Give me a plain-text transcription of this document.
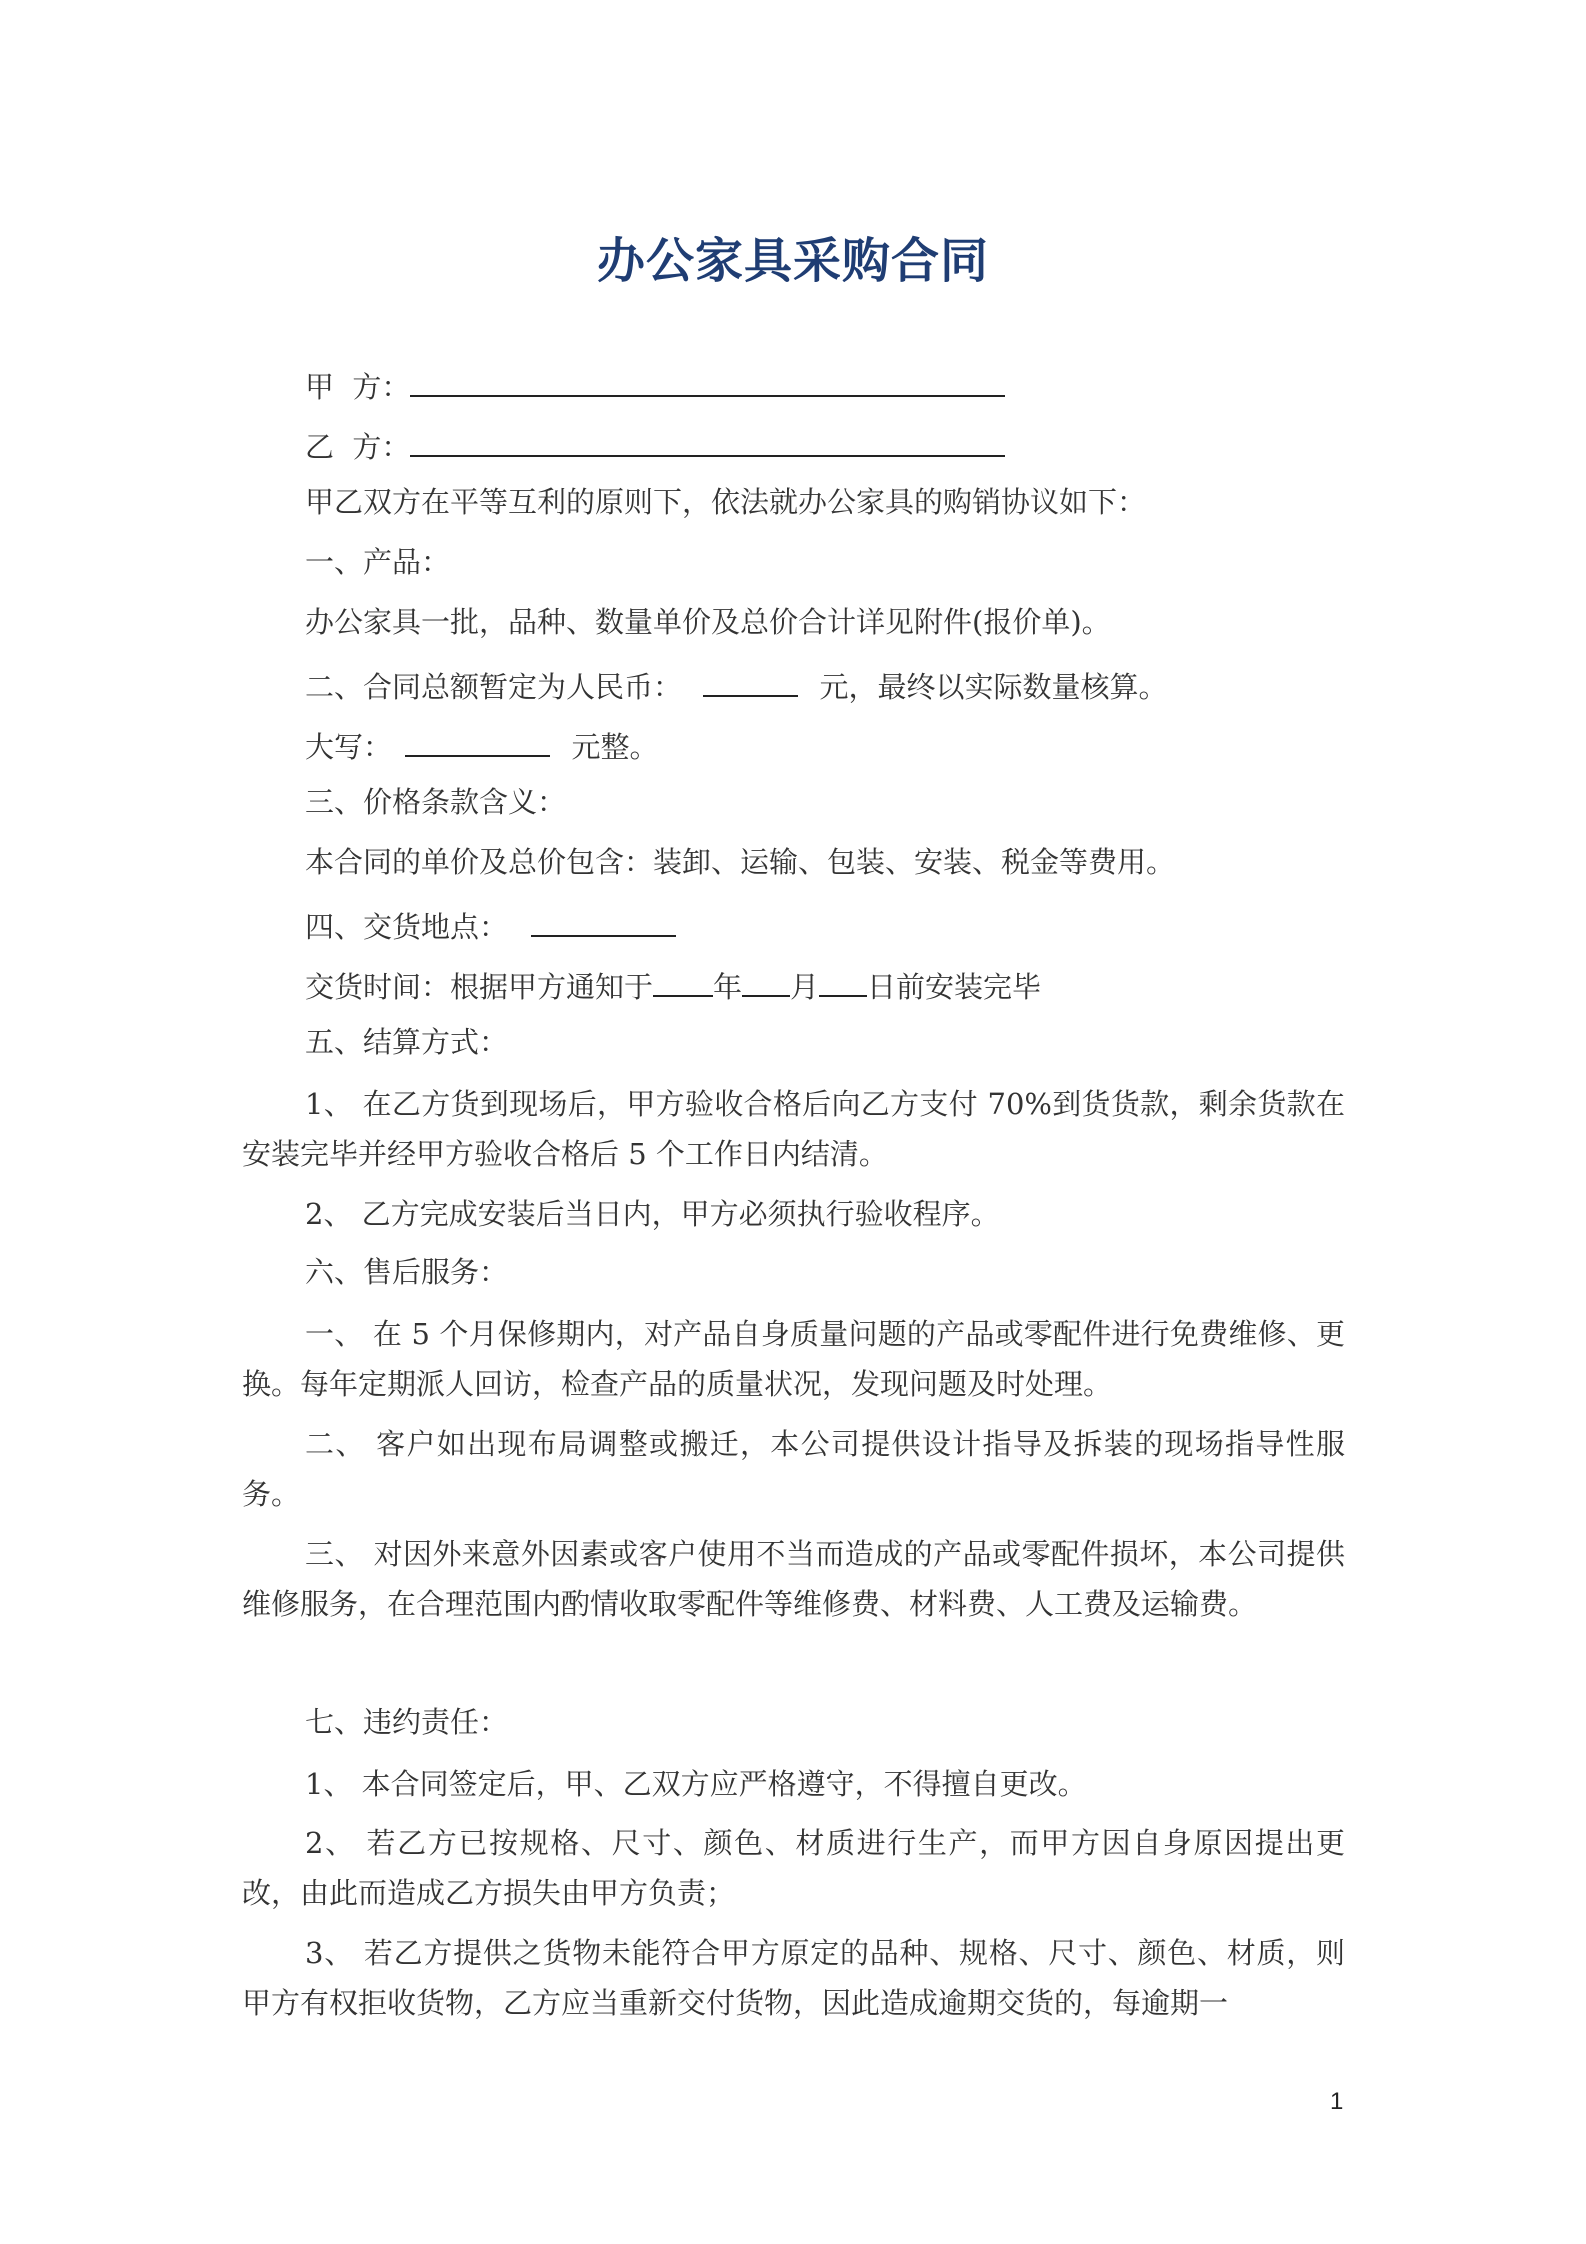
办公家具采购合同
甲  方：
乙  方：
甲乙双方在平等互利的原则下，依法就办公家具的购销协议如下：
一、产品：
办公家具一批，品种、数量单价及总价合计详见附件(报价单)。
二、合同总额暂定为人民币：	元，最终以实际数量核算。
大写：	元整。
三、价格条款含义：
本合同的单价及总价包含：装卸、运输、包装、安装、税金等费用。
四、交货地点：
交货时间：根据甲方通知于 年 月 日前安装完毕
五、结算方式：
1、 在乙方货到现场后，甲方验收合格后向乙方支付 70%到货货款，剩余货款在安装完毕并经甲方验收合格后 5 个工作日内结清。
2、 乙方完成安装后当日内，甲方必须执行验收程序。
六、售后服务：
一、 在 5 个月保修期内，对产品自身质量问题的产品或零配件进行免费维修、更换。每年定期派人回访，检查产品的质量状况，发现问题及时处理。
二、 客户如出现布局调整或搬迁，本公司提供设计指导及拆装的现场指导性服务。
三、 对因外来意外因素或客户使用不当而造成的产品或零配件损坏，本公司提供维修服务，在合理范围内酌情收取零配件等维修费、材料费、人工费及运输费。
七、违约责任：
1、 本合同签定后，甲、乙双方应严格遵守，不得擅自更改。
2、 若乙方已按规格、尺寸、颜色、材质进行生产，而甲方因自身原因提出更改，由此而造成乙方损失由甲方负责；
3、 若乙方提供之货物未能符合甲方原定的品种、规格、尺寸、颜色、材质，则甲方有权拒收货物，乙方应当重新交付货物，因此造成逾期交货的，每逾期一
1
